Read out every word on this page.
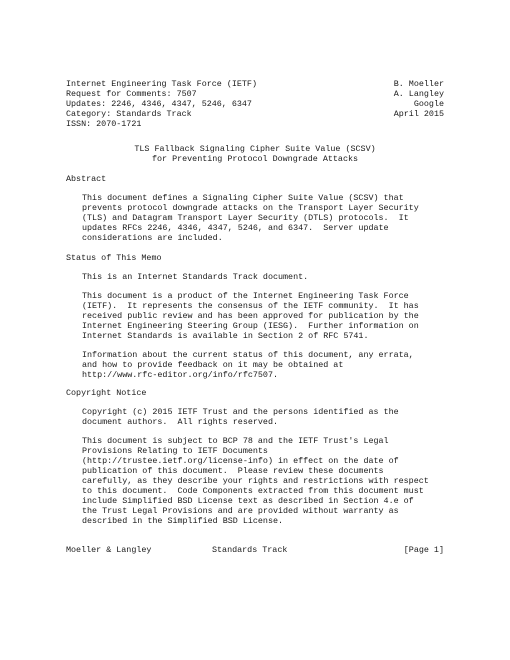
Internet Engineering Task Force (IETF)
Request for Comments: 7507
Updates: 2246, 4346, 4347, 5246, 6347
Category: Standards Track
ISSN: 2070-1721
B. Moeller
A. Langley
Google
April 2015
TLS Fallback Signaling Cipher Suite Value (SCSV)
for Preventing Protocol Downgrade Attacks
Abstract
This document defines a Signaling Cipher Suite Value (SCSV) that
prevents protocol downgrade attacks on the Transport Layer Security
(TLS) and Datagram Transport Layer Security (DTLS) protocols.  It
updates RFCs 2246, 4346, 4347, 5246, and 6347.  Server update
considerations are included.
Status of This Memo
This is an Internet Standards Track document.
This document is a product of the Internet Engineering Task Force
(IETF).  It represents the consensus of the IETF community.  It has
received public review and has been approved for publication by the
Internet Engineering Steering Group (IESG).  Further information on
Internet Standards is available in Section 2 of RFC 5741.
Information about the current status of this document, any errata,
and how to provide feedback on it may be obtained at
http://www.rfc-editor.org/info/rfc7507.
Copyright Notice
Copyright (c) 2015 IETF Trust and the persons identified as the
document authors.  All rights reserved.
This document is subject to BCP 78 and the IETF Trust's Legal
Provisions Relating to IETF Documents
(http://trustee.ietf.org/license-info) in effect on the date of
publication of this document.  Please review these documents
carefully, as they describe your rights and restrictions with respect
to this document.  Code Components extracted from this document must
include Simplified BSD License text as described in Section 4.e of
the Trust Legal Provisions and are provided without warranty as
described in the Simplified BSD License.
Moeller & Langley	Standards Track	[Page 1]
